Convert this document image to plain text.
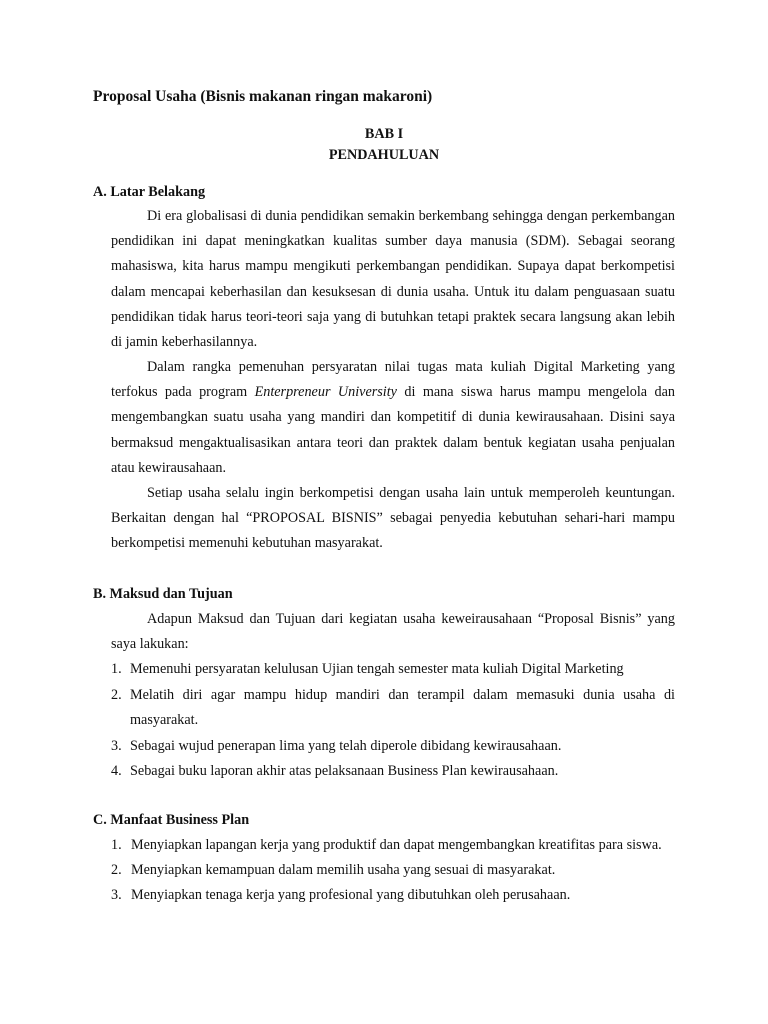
Proposal Usaha (Bisnis makanan ringan makaroni)
BAB I
PENDAHULUAN
A. Latar Belakang

Di era globalisasi di dunia pendidikan semakin berkembang sehingga dengan perkembangan pendidikan ini dapat meningkatkan kualitas sumber daya manusia (SDM). Sebagai seorang mahasiswa, kita harus mampu mengikuti perkembangan pendidikan. Supaya dapat berkompetisi dalam mencapai keberhasilan dan kesuksesan di dunia usaha. Untuk itu dalam penguasaan suatu pendidikan tidak harus teori-teori saja yang di butuhkan tetapi praktek secara langsung akan lebih di jamin keberhasilannya.

Dalam rangka pemenuhan persyaratan nilai tugas mata kuliah Digital Marketing yang terfokus pada program Enterpreneur University di mana siswa harus mampu mengelola dan mengembangkan suatu usaha yang mandiri dan kompetitif di dunia kewirausahaan. Disini saya bermaksud mengaktualisasikan antara teori dan praktek dalam bentuk kegiatan usaha penjualan atau kewirausahaan.

Setiap usaha selalu ingin berkompetisi dengan usaha lain untuk memperoleh keuntungan. Berkaitan dengan hal “PROPOSAL BISNIS” sebagai penyedia kebutuhan sehari-hari mampu berkompetisi memenuhi kebutuhan masyarakat.

B. Maksud dan Tujuan

Adapun Maksud dan Tujuan dari kegiatan usaha keweirausahaan “Proposal Bisnis” yang saya lakukan:

1. Memenuhi persyaratan kelulusan Ujian tengah semester mata kuliah Digital Marketing
2. Melatih diri agar mampu hidup mandiri dan terampil dalam memasuki dunia usaha di masyarakat.
3. Sebagai wujud penerapan lima yang telah diperole dibidang kewirausahaan.
4. Sebagai buku laporan akhir atas pelaksanaan Business Plan kewirausahaan.
C. Manfaat Business Plan
1. Menyiapkan lapangan kerja yang produktif dan dapat mengembangkan kreatifitas para siswa.
2. Menyiapkan kemampuan dalam memilih usaha yang sesuai di masyarakat.
3. Menyiapkan tenaga kerja yang profesional yang dibutuhkan oleh perusahaan.
